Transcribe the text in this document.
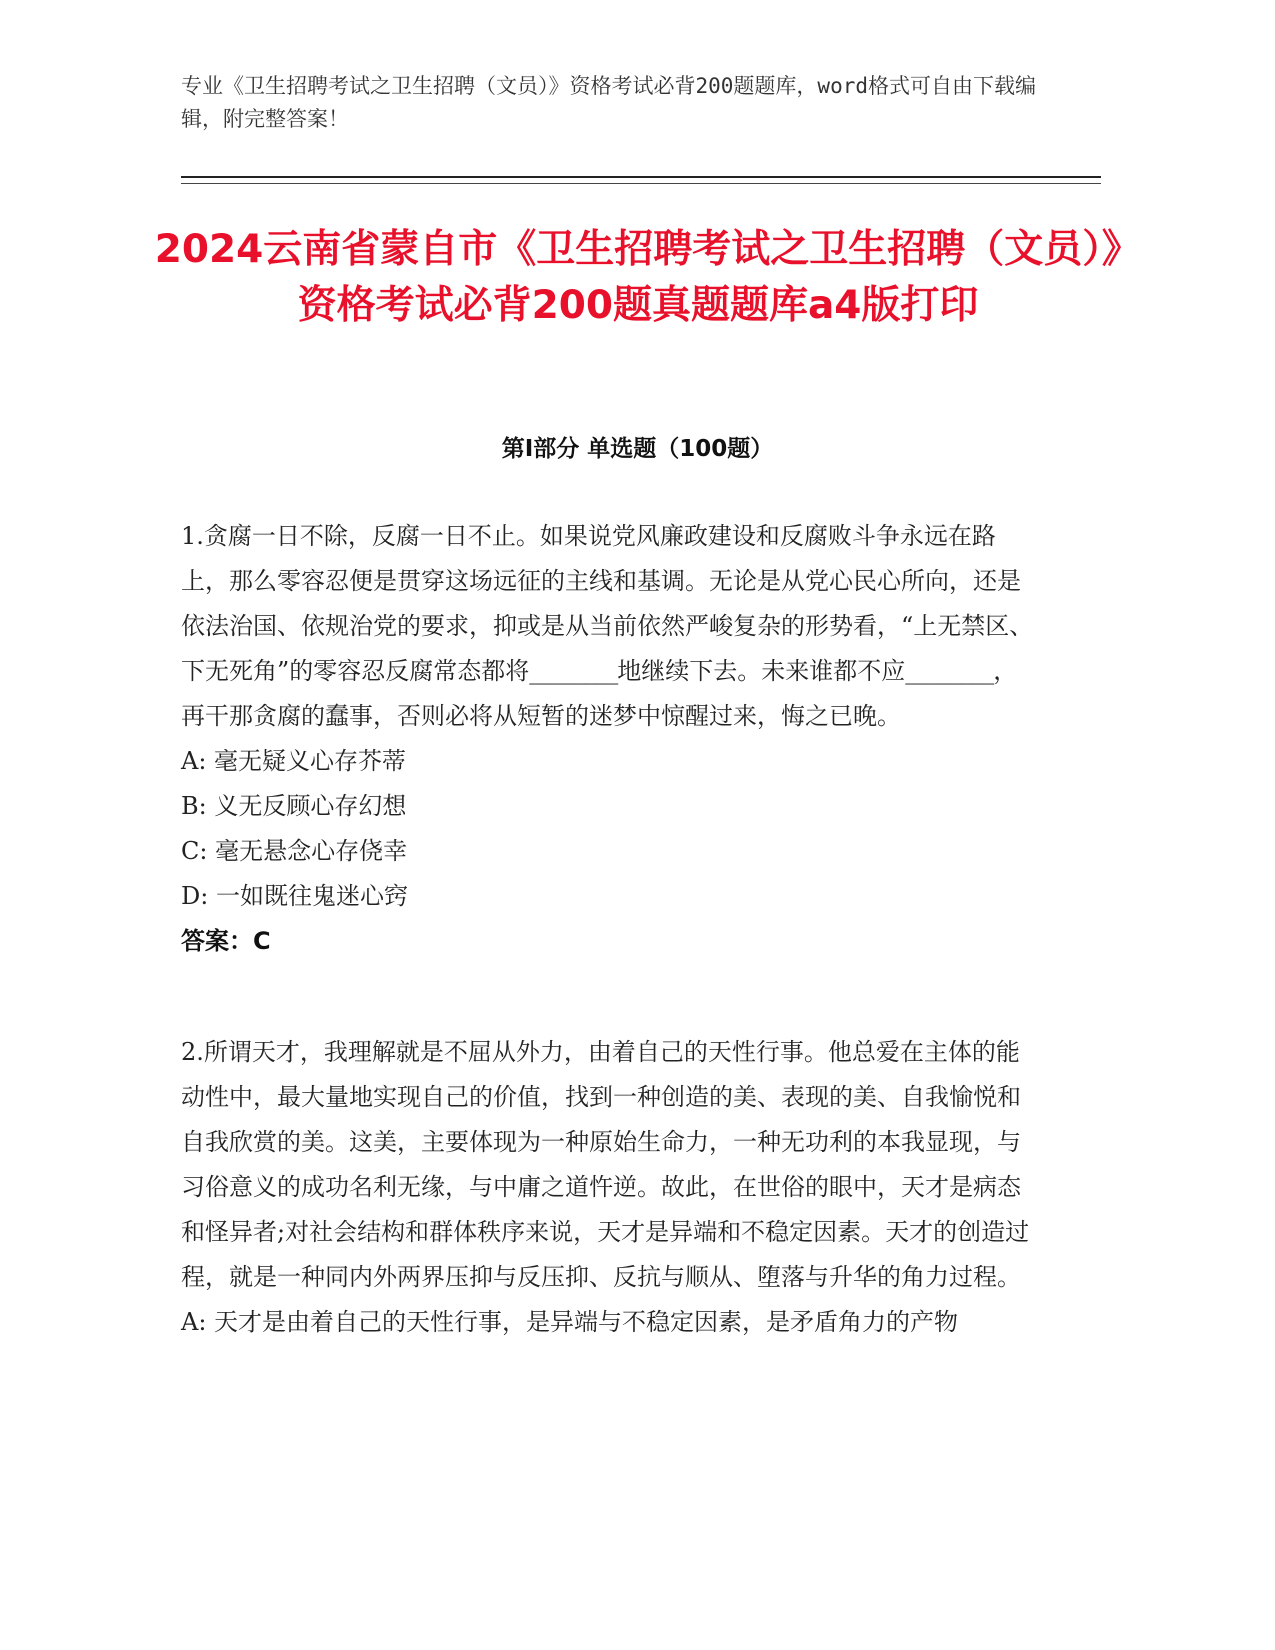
专业《卫生招聘考试之卫生招聘（文员）》资格考试必背200题题库，word格式可自由下载编辑，附完整答案！
2024云南省蒙自市《卫生招聘考试之卫生招聘（文员）》资格考试必背200题真题题库a4版打印
第Ⅰ部分 单选题（100题）

1.贪腐一日不除，反腐一日不止。如果说党风廉政建设和反腐败斗争永远在路上，那么零容忍便是贯穿这场远征的主线和基调。无论是从党心民心所向，还是依法治国、依规治党的要求，抑或是从当前依然严峻复杂的形势看，“上无禁区、下无死角”的零容忍反腐常态都将________地继续下去。未来谁都不应________，再干那贪腐的蠢事，否则必将从短暂的迷梦中惊醒过来，悔之已晚。

A: 毫无疑义心存芥蒂

B: 义无反顾心存幻想

C: 毫无悬念心存侥幸

D: 一如既往鬼迷心窍

答案：C

2.所谓天才，我理解就是不屈从外力，由着自己的天性行事。他总爱在主体的能动性中，最大量地实现自己的价值，找到一种创造的美、表现的美、自我愉悦和自我欣赏的美。这美，主要体现为一种原始生命力，一种无功利的本我显现，与习俗意义的成功名利无缘，与中庸之道忤逆。故此，在世俗的眼中，天才是病态和怪异者;对社会结构和群体秩序来说，天才是异端和不稳定因素。天才的创造过程，就是一种同内外两界压抑与反压抑、反抗与顺从、堕落与升华的角力过程。

A: 天才是由着自己的天性行事，是异端与不稳定因素，是矛盾角力的产物
